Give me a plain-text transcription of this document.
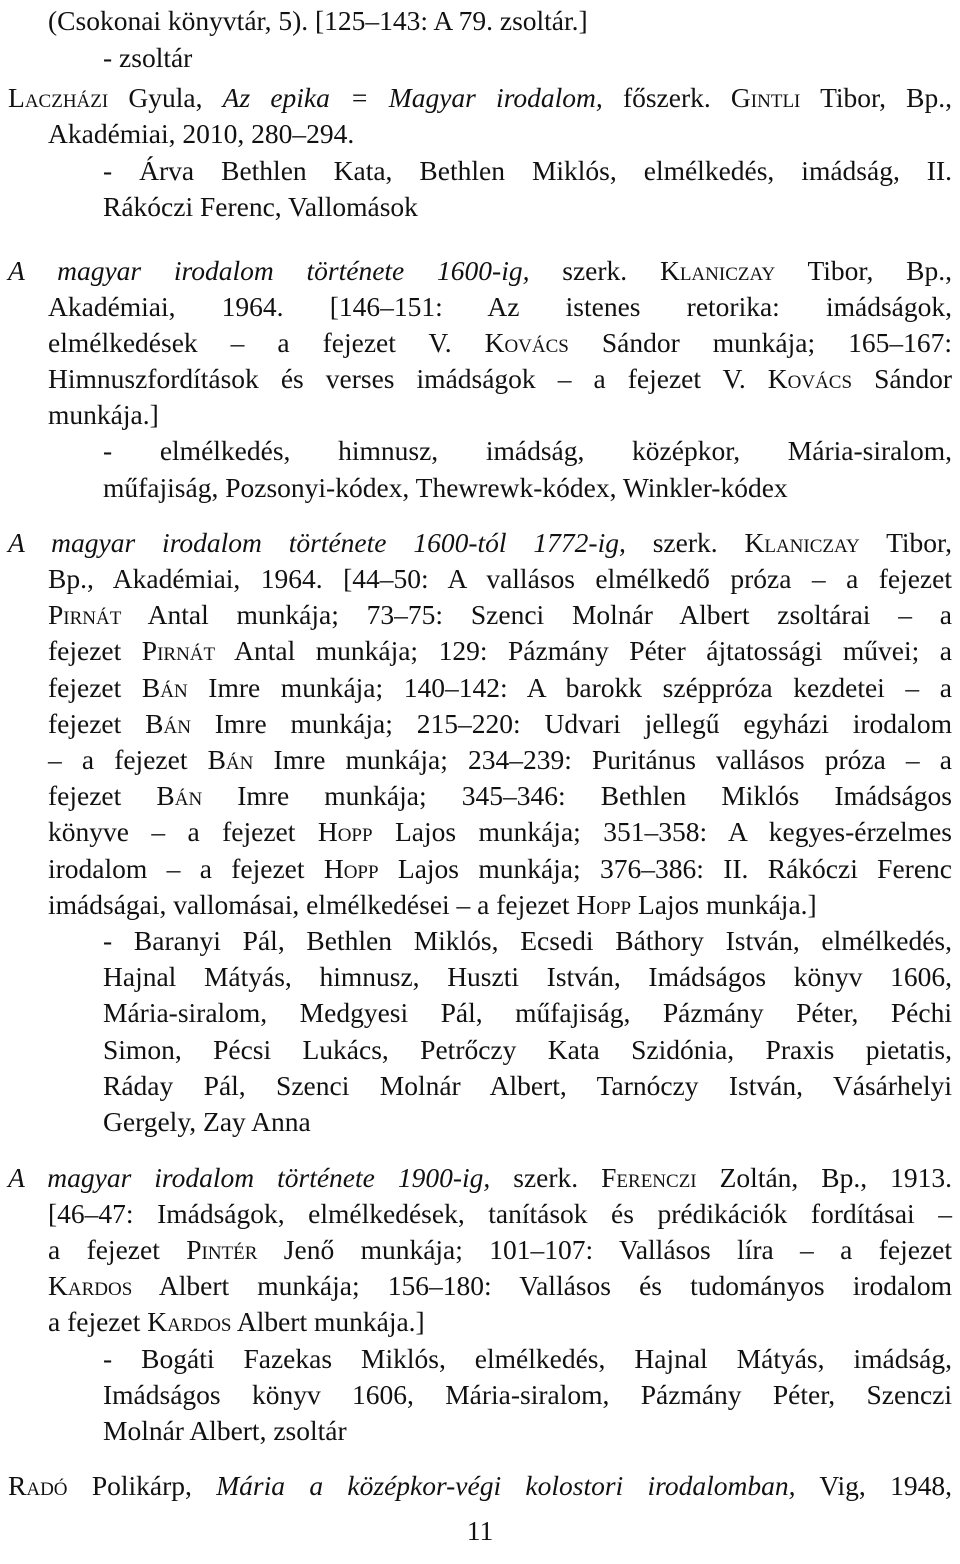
(Csokonai könyvtár, 5). [125–143: A 79. zsoltár.]
- zsoltár
Laczházi Gyula, Az epika = Magyar irodalom, főszerk. Gintli Tibor, Bp.,
Akadémiai, 2010, 280–294.
- Árva Bethlen Kata, Bethlen Miklós, elmélkedés, imádság, II.
Rákóczi Ferenc, Vallomások
A magyar irodalom története 1600-ig, szerk. Klaniczay Tibor, Bp.,
Akadémiai, 1964. [146–151: Az istenes retorika: imádságok,
elmélkedések – a fejezet V. Kovács Sándor munkája; 165–167:
Himnuszfordítások és verses imádságok – a fejezet V. Kovács Sándor
munkája.]
- elmélkedés, himnusz, imádság, középkor, Mária-siralom,
műfajiság, Pozsonyi-kódex, Thewrewk-kódex, Winkler-kódex
A magyar irodalom története 1600-tól 1772-ig, szerk. Klaniczay Tibor,
Bp., Akadémiai, 1964. [44–50: A vallásos elmélkedő próza – a fejezet
Pirnát Antal munkája; 73–75: Szenci Molnár Albert zsoltárai – a
fejezet Pirnát Antal munkája; 129: Pázmány Péter ájtatossági művei; a
fejezet Bán Imre munkája; 140–142: A barokk széppróza kezdetei – a
fejezet Bán Imre munkája; 215–220: Udvari jellegű egyházi irodalom
– a fejezet Bán Imre munkája; 234–239: Puritánus vallásos próza – a
fejezet Bán Imre munkája; 345–346: Bethlen Miklós Imádságos
könyve – a fejezet Hopp Lajos munkája; 351–358: A kegyes-érzelmes
irodalom – a fejezet Hopp Lajos munkája; 376–386: II. Rákóczi Ferenc
imádságai, vallomásai, elmélkedései – a fejezet Hopp Lajos munkája.]
- Baranyi Pál, Bethlen Miklós, Ecsedi Báthory István, elmélkedés,
Hajnal Mátyás, himnusz, Huszti István, Imádságos könyv 1606,
Mária-siralom, Medgyesi Pál, műfajiság, Pázmány Péter, Péchi
Simon, Pécsi Lukács, Petrőczy Kata Szidónia, Praxis pietatis,
Ráday Pál, Szenci Molnár Albert, Tarnóczy István, Vásárhelyi
Gergely, Zay Anna
A magyar irodalom története 1900-ig, szerk. Ferenczi Zoltán, Bp., 1913.
[46–47: Imádságok, elmélkedések, tanítások és prédikációk fordításai –
a fejezet Pintér Jenő munkája; 101–107: Vallásos líra – a fejezet
Kardos Albert munkája; 156–180: Vallásos és tudományos irodalom
a fejezet Kardos Albert munkája.]
- Bogáti Fazekas Miklós, elmélkedés, Hajnal Mátyás, imádság,
Imádságos könyv 1606, Mária-siralom, Pázmány Péter, Szenczi
Molnár Albert, zsoltár
Radó Polikárp, Mária a középkor-végi kolostori irodalomban, Vig, 1948,
11
